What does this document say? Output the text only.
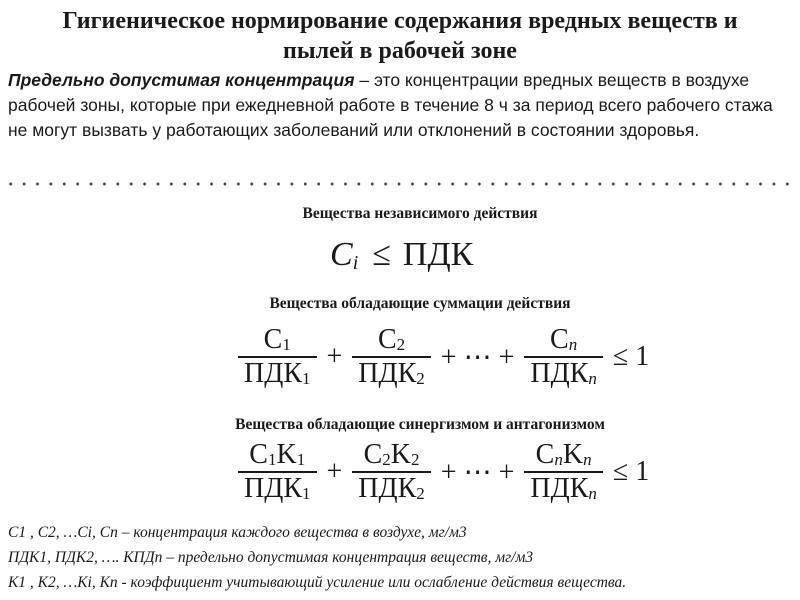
Гигиеническое нормирование содержания вредных веществ и
пылей в рабочей зоне
Предельно допустимая концентрация – это концентрации вредных веществ в воздухе рабочей зоны, которые при ежедневной работе в течение 8 ч за период всего рабочего стажа не могут вызвать у работающих заболеваний или отклонений в состоянии здоровья.
Вещества независимого действия
C i ≤ ПДК
Вещества обладающие суммации действия
$\frac{C_1}{ПДК_1} + \frac{C_2}{ПДК_2}$ + ⋯ + $\frac{C_n}{ПДК_n} \le 1$
Вещества обладающие синергизмом и антагонизмом
$\frac{C_1K_1}{ПДК_1} + \frac{C_2K_2}{ПДК_2}$ + ⋯ + $\frac{C_nK_n}{ПДК_n} \le 1$
С1 , С2, …Сi, Сn – концентрация каждого вещества в воздухе, мг/м3
ПДК1, ПДК2, …. КПДn – предельно допустимая концентрация веществ, мг/м3
К1 , К2, …Кi, Кn - коэффициент учитывающий усиление или ослабление действия вещества.
